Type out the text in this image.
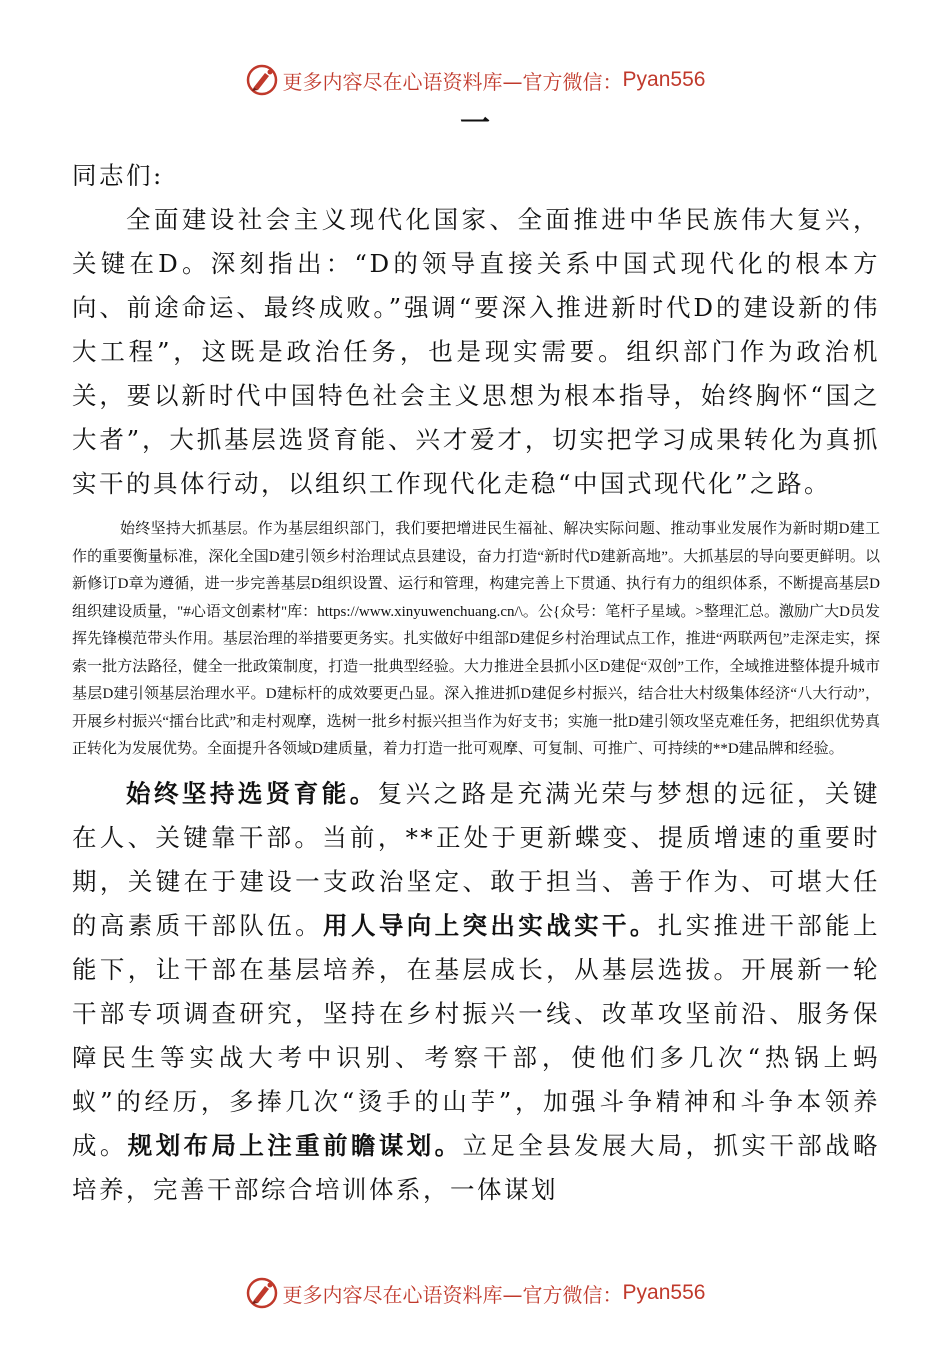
更多内容尽在心语资料库—官方微信： Pyan556
一

同志们:

全面建设社会主义现代化国家、全面推进中华民族伟大复兴，关键在D。深刻指出：“D的领导直接关系中国式现代化的根本方向、前途命运、最终成败。”强调“要深入推进新时代D的建设新的伟大工程”，这既是政治任务，也是现实需要。组织部门作为政治机关，要以新时代中国特色社会主义思想为根本指导，始终胸怀“国之大者”，大抓基层选贤育能、兴才爱才，切实把学习成果转化为真抓实干的具体行动，以组织工作现代化走稳“中国式现代化”之路。

始终坚持大抓基层。作为基层组织部门，我们要把增进民生福祉、解决实际问题、推动事业发展作为新时期D建工作的重要衡量标准，深化全国D建引领乡村治理试点县建设，奋力打造“新时代D建新高地”。大抓基层的导向要更鲜明。以新修订D章为遵循，进一步完善基层D组织设置、运行和管理，构建完善上下贯通、执行有力的组织体系，不断提高基层D组织建设质量，"#心语文创素材"库：https://www.xinyuwenchuang.cn/\。公{众号：笔杆子星域。>整理汇总。激励广大D员发挥先锋模范带头作用。基层治理的举措要更务实。扎实做好中组部D建促乡村治理试点工作，推进“两联两包”走深走实，探索一批方法路径，健全一批政策制度，打造一批典型经验。大力推进全县抓小区D建促“双创”工作，全域推进整体提升城市基层D建引领基层治理水平。D建标杆的成效要更凸显。深入推进抓D建促乡村振兴，结合壮大村级集体经济“八大行动”，开展乡村振兴“擂台比武”和走村观摩，选树一批乡村振兴担当作为好支书；实施一批D建引领攻坚克难任务，把组织优势真正转化为发展优势。全面提升各领域D建质量，着力打造一批可观摩、可复制、可推广、可持续的**D建品牌和经验。

始终坚持选贤育能。复兴之路是充满光荣与梦想的远征，关键在人、关键靠干部。当前，**正处于更新蝶变、提质增速的重要时期，关键在于建设一支政治坚定、敢于担当、善于作为、可堪大任的高素质干部队伍。用人导向上突出实战实干。扎实推进干部能上能下，让干部在基层培养，在基层成长，从基层选拔。开展新一轮干部专项调查研究，坚持在乡村振兴一线、改革攻坚前沿、服务保障民生等实战大考中识别、考察干部，使他们多几次“热锅上蚂蚁”的经历，多捧几次“烫手的山芋”，加强斗争精神和斗争本领养成。规划布局上注重前瞻谋划。立足全县发展大局，抓实干部战略培养，完善干部综合培训体系，一体谋划

更多内容尽在心语资料库—官方微信： Pyan556
